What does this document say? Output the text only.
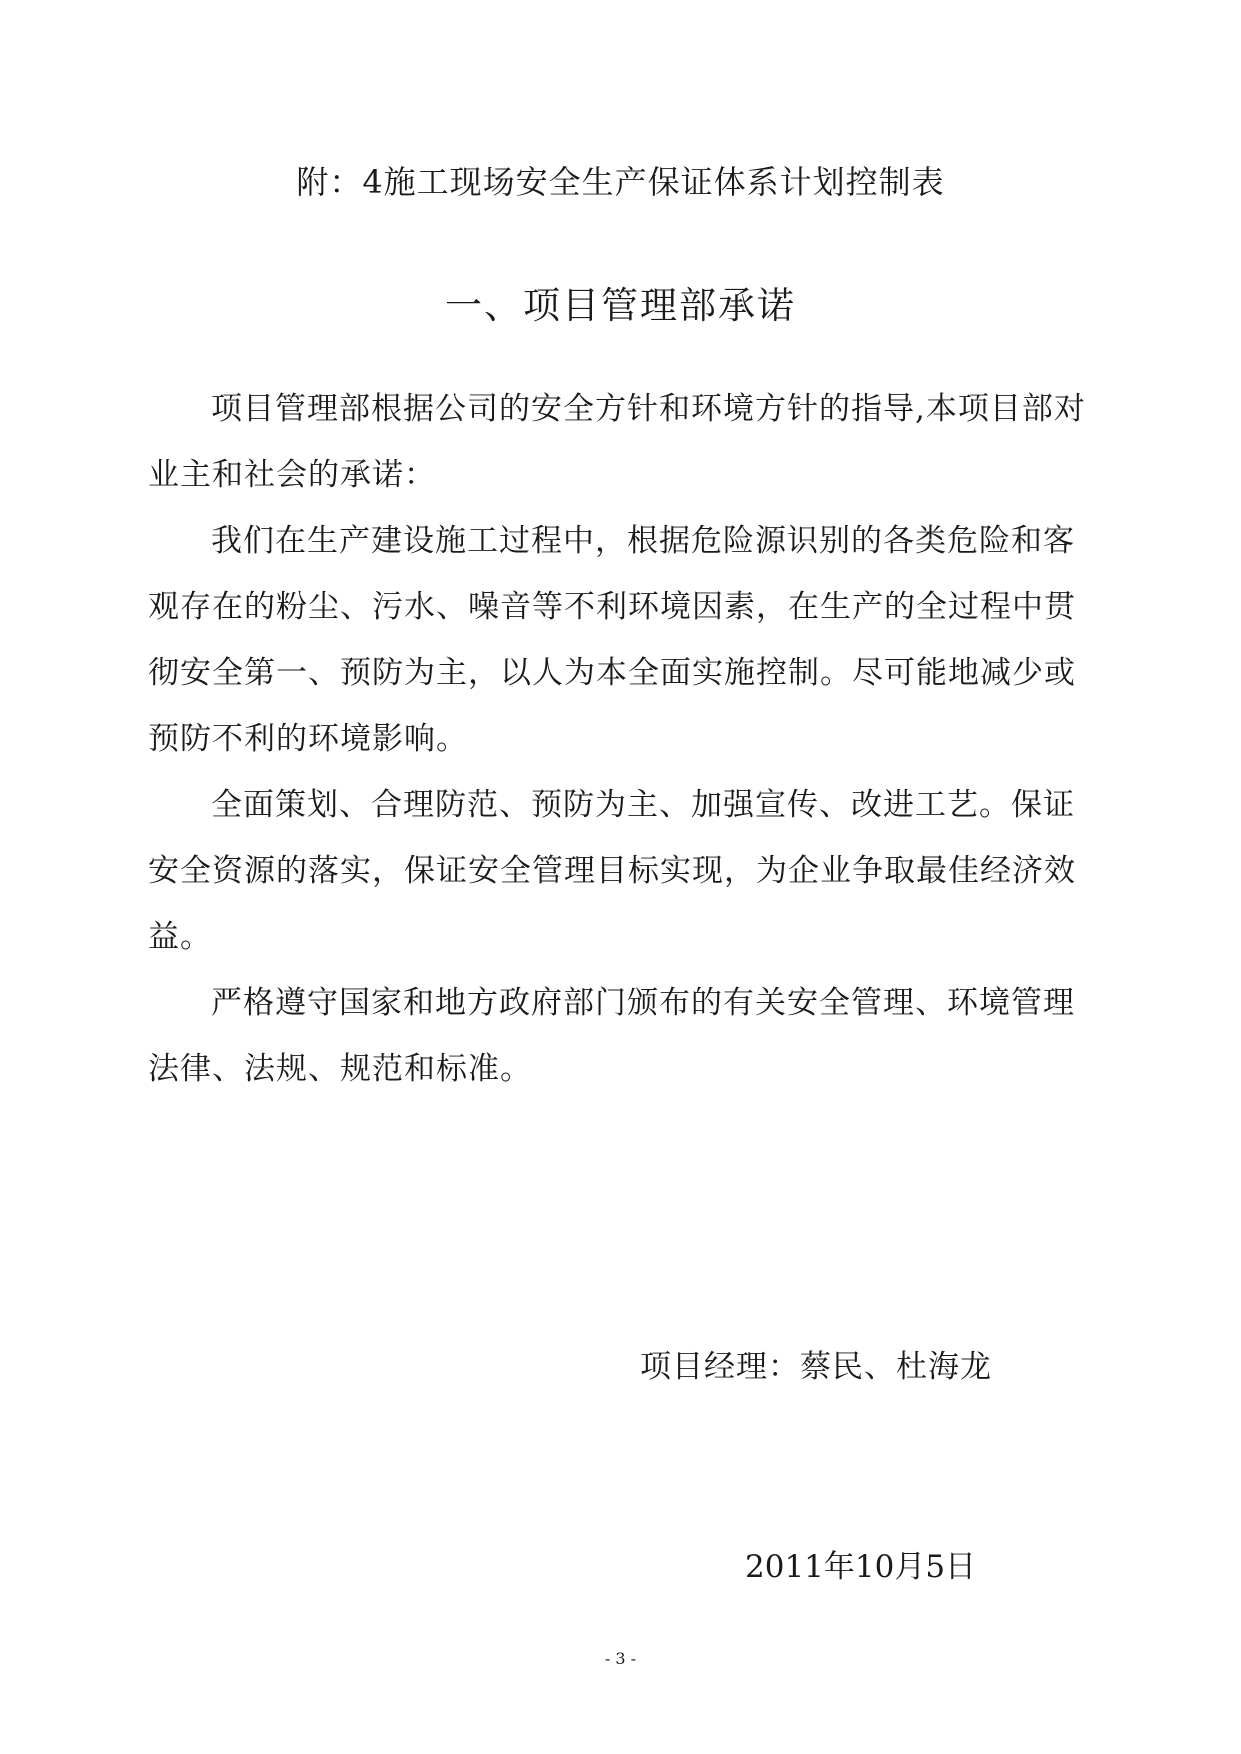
附：4施工现场安全生产保证体系计划控制表
一、项目管理部承诺

项目管理部根据公司的安全方针和环境方针的指导,本项目部对业主和社会的承诺：

我们在生产建设施工过程中，根据危险源识别的各类危险和客观存在的粉尘、污水、噪音等不利环境因素，在生产的全过程中贯彻安全第一、预防为主，以人为本全面实施控制。尽可能地减少或预防不利的环境影响。

全面策划、合理防范、预防为主、加强宣传、改进工艺。保证安全资源的落实，保证安全管理目标实现，为企业争取最佳经济效益。

严格遵守国家和地方政府部门颁布的有关安全管理、环境管理法律、法规、规范和标准。

项目经理：蔡民、杜海龙
2011年10月5日
- 3 -
